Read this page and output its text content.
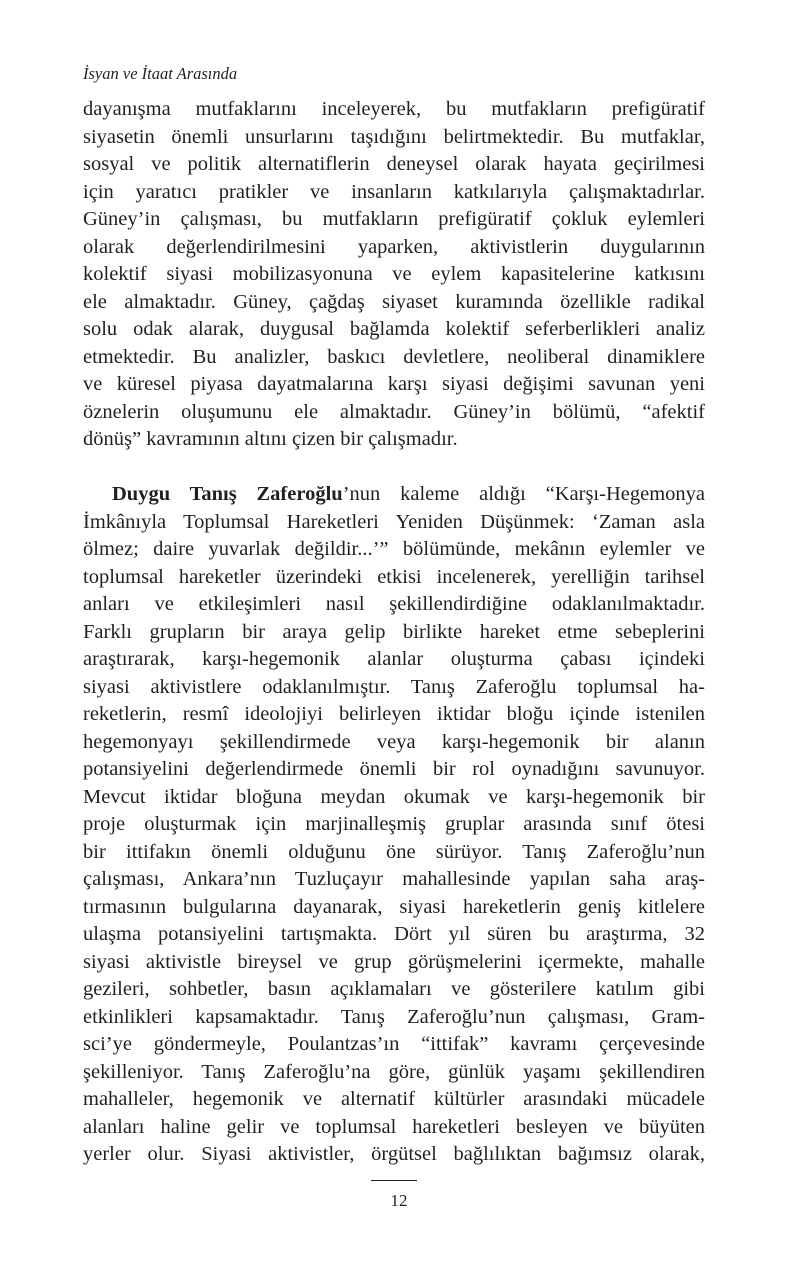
İsyan ve İtaat Arasında
dayanışma mutfaklarını inceleyerek, bu mutfakların prefigüratif
siyasetin önemli unsurlarını taşıdığını belirtmektedir. Bu mutfaklar,
sosyal ve politik alternatiflerin deneysel olarak hayata geçirilmesi
için yaratıcı pratikler ve insanların katkılarıyla çalışmaktadırlar.
Güney’in çalışması, bu mutfakların prefigüratif çokluk eylemleri
olarak değerlendirilmesini yaparken, aktivistlerin duygularının
kolektif siyasi mobilizasyonuna ve eylem kapasitelerine katkısını
ele almaktadır. Güney, çağdaş siyaset kuramında özellikle radikal
solu odak alarak, duygusal bağlamda kolektif seferberlikleri analiz
etmektedir. Bu analizler, baskıcı devletlere, neoliberal dinamiklere
ve küresel piyasa dayatmalarına karşı siyasi değişimi savunan yeni
öznelerin oluşumunu ele almaktadır. Güney’in bölümü, “afektif
dönüş” kavramının altını çizen bir çalışmadır.
Duygu Tanış Zaferoğlu’nun kaleme aldığı “Karşı-Hegemonya
İmkânıyla Toplumsal Hareketleri Yeniden Düşünmek: ‘Zaman asla
ölmez; daire yuvarlak değildir...’” bölümünde, mekânın eylemler ve
toplumsal hareketler üzerindeki etkisi incelenerek, yerelliğin tarihsel
anları ve etkileşimleri nasıl şekillendirdiğine odaklanılmaktadır.
Farklı grupların bir araya gelip birlikte hareket etme sebeplerini
araştırarak, karşı-hegemonik alanlar oluşturma çabası içindeki
siyasi aktivistlere odaklanılmıştır. Tanış Zaferoğlu toplumsal ha-
reketlerin, resmî ideolojiyi belirleyen iktidar bloğu içinde istenilen
hegemonyayı şekillendirmede veya karşı-hegemonik bir alanın
potansiyelini değerlendirmede önemli bir rol oynadığını savunuyor.
Mevcut iktidar bloğuna meydan okumak ve karşı-hegemonik bir
proje oluşturmak için marjinalleşmiş gruplar arasında sınıf ötesi
bir ittifakın önemli olduğunu öne sürüyor. Tanış Zaferoğlu’nun
çalışması, Ankara’nın Tuzluçayır mahallesinde yapılan saha araş-
tırmasının bulgularına dayanarak, siyasi hareketlerin geniş kitlelere
ulaşma potansiyelini tartışmakta. Dört yıl süren bu araştırma, 32
siyasi aktivistle bireysel ve grup görüşmelerini içermekte, mahalle
gezileri, sohbetler, basın açıklamaları ve gösterilere katılım gibi
etkinlikleri kapsamaktadır. Tanış Zaferoğlu’nun çalışması, Gram-
sci’ye göndermeyle, Poulantzas’ın “ittifak” kavramı çerçevesinde
şekilleniyor. Tanış Zaferoğlu’na göre, günlük yaşamı şekillendiren
mahalleler, hegemonik ve alternatif kültürler arasındaki mücadele
alanları haline gelir ve toplumsal hareketleri besleyen ve büyüten
yerler olur. Siyasi aktivistler, örgütsel bağlılıktan bağımsız olarak,
12
